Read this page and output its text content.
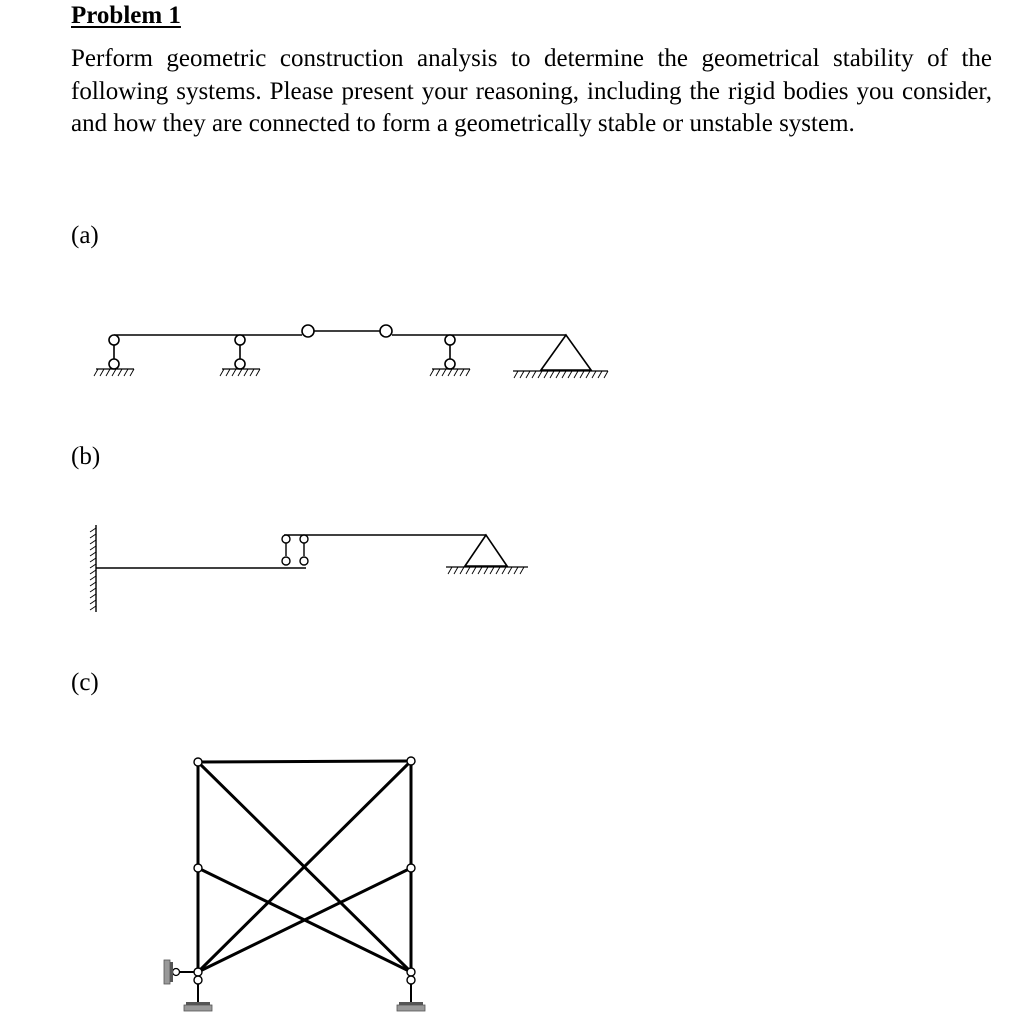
Problem 1

Perform geometric construction analysis to determine the geometrical stability of the following systems. Please present your reasoning, including the rigid bodies you consider, and how they are connected to form a geometrically stable or unstable system.

(a)
(b)
(c)
